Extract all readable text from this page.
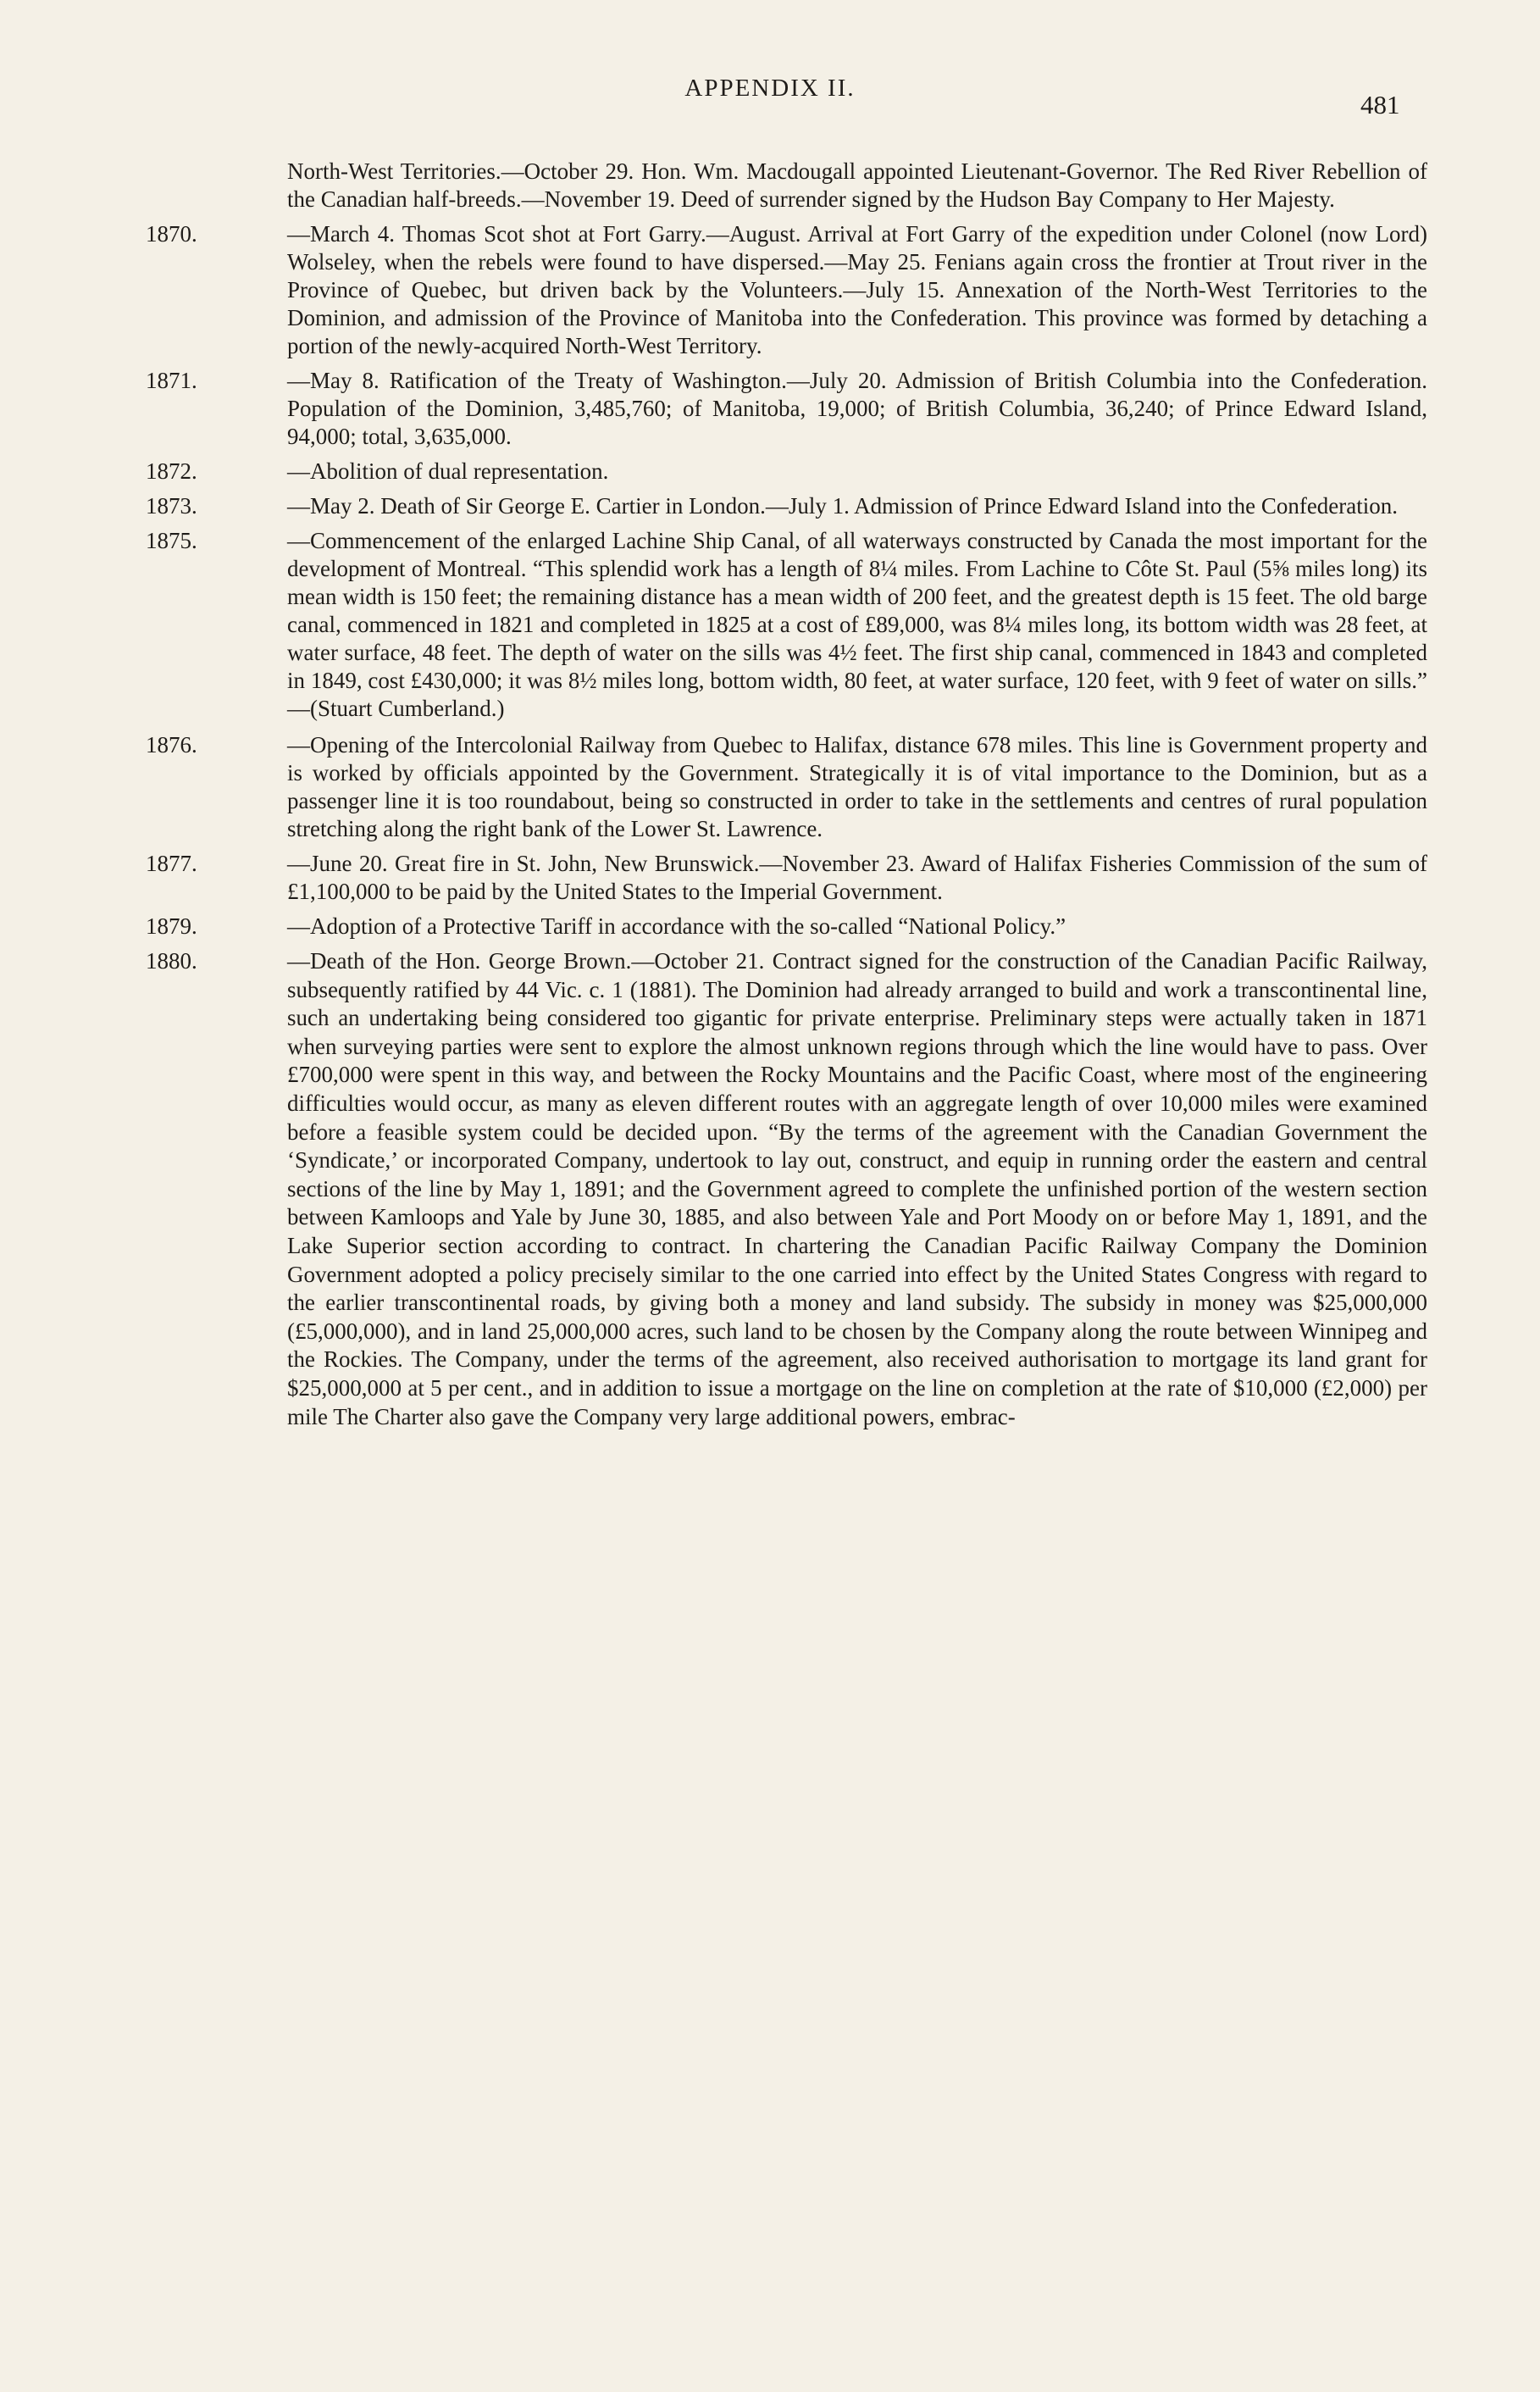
APPENDIX II.
481

North-West Territories.—October 29. Hon. Wm. Macdougall appointed Lieutenant-Governor. The Red River Rebellion of the Canadian half-breeds.—November 19. Deed of surrender signed by the Hudson Bay Company to Her Majesty.

1870.	—March 4. Thomas Scot shot at Fort Garry.—August. Arrival at Fort Garry of the expedition under Colonel (now Lord) Wolseley, when the rebels were found to have dispersed.—May 25. Fenians again cross the frontier at Trout river in the Province of Quebec, but driven back by the Volunteers.—July 15. Annexation of the North-West Territories to the Dominion, and admission of the Province of Manitoba into the Confederation. This province was formed by detaching a portion of the newly-acquired North-West Territory.

1871.	—May 8. Ratification of the Treaty of Washington.—July 20. Admission of British Columbia into the Confederation. Population of the Dominion, 3,485,760; of Manitoba, 19,000; of British Columbia, 36,240; of Prince Edward Island, 94,000; total, 3,635,000.

1872.	—Abolition of dual representation.

1873.	—May 2. Death of Sir George E. Cartier in London.—July 1. Admission of Prince Edward Island into the Confederation.

1875.	—Commencement of the enlarged Lachine Ship Canal, of all waterways constructed by Canada the most important for the development of Montreal. “This splendid work has a length of 8¼ miles. From Lachine to Côte St. Paul (5⅝ miles long) its mean width is 150 feet; the remaining distance has a mean width of 200 feet, and the greatest depth is 15 feet. The old barge canal, commenced in 1821 and completed in 1825 at a cost of £89,000, was 8¼ miles long, its bottom width was 28 feet, at water surface, 48 feet. The depth of water on the sills was 4½ feet. The first ship canal, commenced in 1843 and completed in 1849, cost £430,000; it was 8½ miles long, bottom width, 80 feet, at water surface, 120 feet, with 9 feet of water on sills.” —(Stuart Cumberland.)

1876.	—Opening of the Intercolonial Railway from Quebec to Halifax, distance 678 miles. This line is Government property and is worked by officials appointed by the Government. Strategically it is of vital importance to the Dominion, but as a passenger line it is too roundabout, being so constructed in order to take in the settlements and centres of rural population stretching along the right bank of the Lower St. Lawrence.

1877.	—June 20. Great fire in St. John, New Brunswick.—November 23. Award of Halifax Fisheries Commission of the sum of £1,100,000 to be paid by the United States to the Imperial Government.

1879.	—Adoption of a Protective Tariff in accordance with the so-called “National Policy.”

1880.	—Death of the Hon. George Brown.—October 21. Contract signed for the construction of the Canadian Pacific Railway, subsequently ratified by 44 Vic. c. 1 (1881). The Dominion had already arranged to build and work a transcontinental line, such an undertaking being considered too gigantic for private enterprise. Preliminary steps were actually taken in 1871 when surveying parties were sent to explore the almost unknown regions through which the line would have to pass. Over £700,000 were spent in this way, and between the Rocky Mountains and the Pacific Coast, where most of the engineering difficulties would occur, as many as eleven different routes with an aggregate length of over 10,000 miles were examined before a feasible system could be decided upon. “By the terms of the agreement with the Canadian Government the ‘Syndicate,’ or incorporated Company, undertook to lay out, construct, and equip in running order the eastern and central sections of the line by May 1, 1891; and the Government agreed to complete the unfinished portion of the western section between Kamloops and Yale by June 30, 1885, and also between Yale and Port Moody on or before May 1, 1891, and the Lake Superior section according to contract. In chartering the Canadian Pacific Railway Company the Dominion Government adopted a policy precisely similar to the one carried into effect by the United States Congress with regard to the earlier transcontinental roads, by giving both a money and land subsidy. The subsidy in money was $25,000,000 (£5,000,000), and in land 25,000,000 acres, such land to be chosen by the Company along the route between Winnipeg and the Rockies. The Company, under the terms of the agreement, also received authorisation to mortgage its land grant for $25,000,000 at 5 per cent., and in addition to issue a mortgage on the line on completion at the rate of $10,000 (£2,000) per mile The Charter also gave the Company very large additional powers, embrac-
